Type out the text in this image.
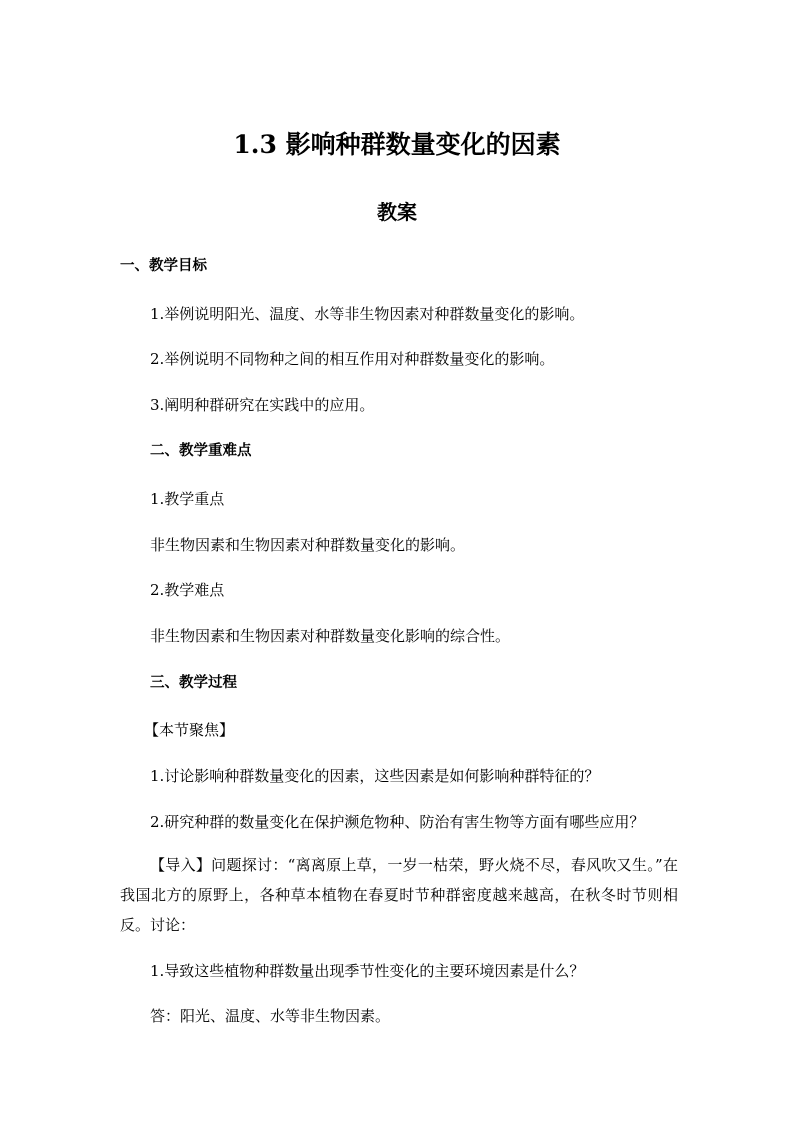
1.3 影响种群数量变化的因素
教案
一、教学目标
1.举例说明阳光、温度、水等非生物因素对种群数量变化的影响。
2.举例说明不同物种之间的相互作用对种群数量变化的影响。
3.阐明种群研究在实践中的应用。
二、教学重难点
1.教学重点
非生物因素和生物因素对种群数量变化的影响。
2.教学难点
非生物因素和生物因素对种群数量变化影响的综合性。
三、教学过程
【本节聚焦】
1.讨论影响种群数量变化的因素，这些因素是如何影响种群特征的？
2.研究种群的数量变化在保护濒危物种、防治有害生物等方面有哪些应用？
【导入】问题探讨：“离离原上草，一岁一枯荣，野火烧不尽，春风吹又生。”在我国北方的原野上，各种草本植物在春夏时节种群密度越来越高，在秋冬时节则相反。讨论：
1.导致这些植物种群数量出现季节性变化的主要环境因素是什么？
答：阳光、温度、水等非生物因素。
